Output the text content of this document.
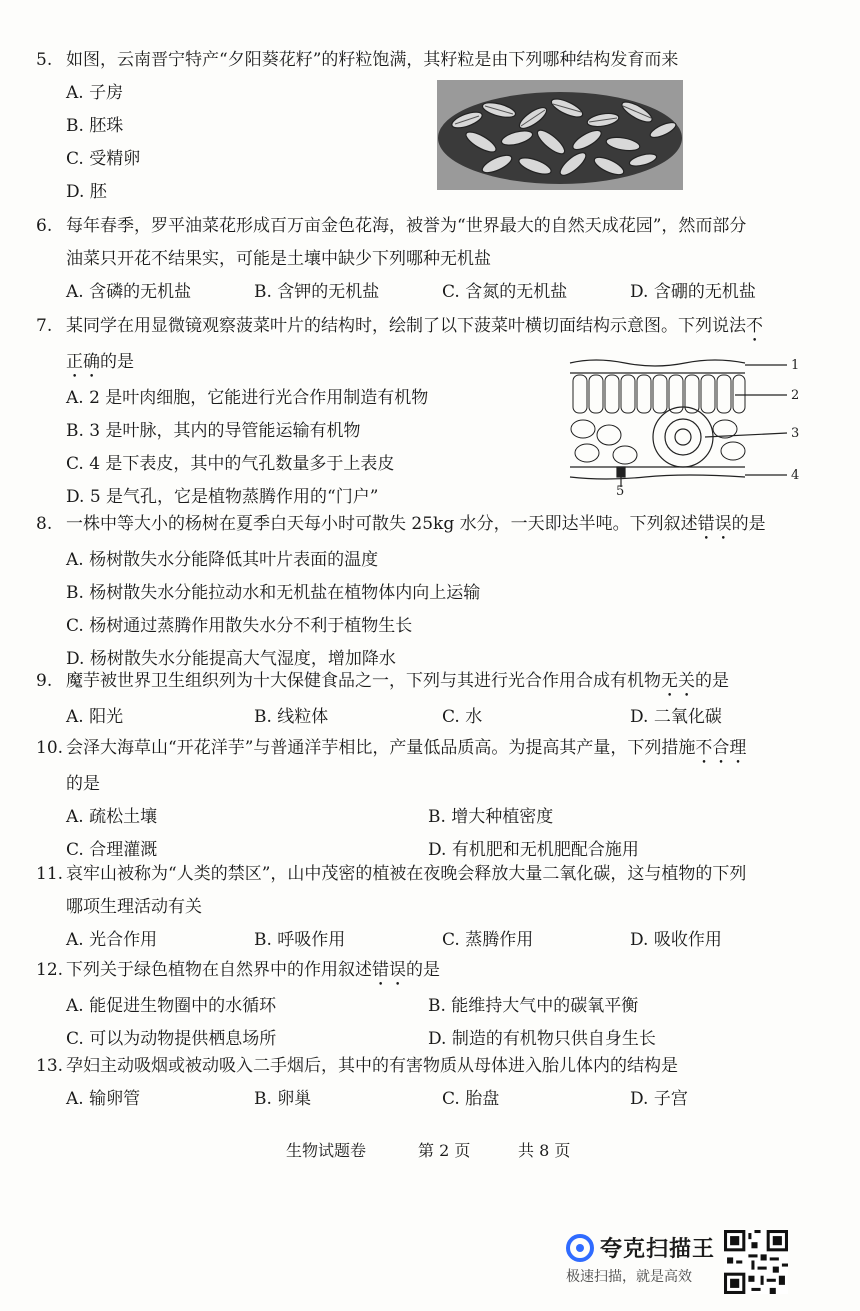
5. 如图，云南晋宁特产“夕阳葵花籽”的籽粒饱满，其籽粒是由下列哪种结构发育而来
A. 子房
B. 胚珠
C. 受精卵
D. 胚
6. 每年春季，罗平油菜花形成百万亩金色花海，被誉为“世界最大的自然天成花园”，然而部分
油菜只开花不结果实，可能是土壤中缺少下列哪种无机盐
A. 含磷的无机盐	B. 含钾的无机盐	C. 含氮的无机盐	D. 含硼的无机盐
7. 某同学在用显微镜观察菠菜叶片的结构时，绘制了以下菠菜叶横切面结构示意图。下列说法不
正确的是
A. 2 是叶肉细胞，它能进行光合作用制造有机物
B. 3 是叶脉，其内的导管能运输有机物
C. 4 是下表皮，其中的气孔数量多于上表皮
D. 5 是气孔，它是植物蒸腾作用的“门户”
1
2
3
4
5
8. 一株中等大小的杨树在夏季白天每小时可散失 25kg 水分，一天即达半吨。下列叙述错误的是
A. 杨树散失水分能降低其叶片表面的温度
B. 杨树散失水分能拉动水和无机盐在植物体内向上运输
C. 杨树通过蒸腾作用散失水分不利于植物生长
D. 杨树散失水分能提高大气湿度，增加降水
9. 魔芋被世界卫生组织列为十大保健食品之一，下列与其进行光合作用合成有机物无关的是
A. 阳光	B. 线粒体	C. 水	D. 二氧化碳
10. 会泽大海草山“开花洋芋”与普通洋芋相比，产量低品质高。为提高其产量，下列措施不合理
的是
A. 疏松土壤	B. 增大种植密度
C. 合理灌溉	D. 有机肥和无机肥配合施用
11. 哀牢山被称为“人类的禁区”，山中茂密的植被在夜晚会释放大量二氧化碳，这与植物的下列
哪项生理活动有关
A. 光合作用	B. 呼吸作用	C. 蒸腾作用	D. 吸收作用
12. 下列关于绿色植物在自然界中的作用叙述错误的是
A. 能促进生物圈中的水循环	B. 能维持大气中的碳氧平衡
C. 可以为动物提供栖息场所	D. 制造的有机物只供自身生长
13. 孕妇主动吸烟或被动吸入二手烟后，其中的有害物质从母体进入胎儿体内的结构是
A. 输卵管	B. 卵巢	C. 胎盘	D. 子宫
生物试题卷	第 2 页	共 8 页
夸克扫描王
极速扫描，就是高效
